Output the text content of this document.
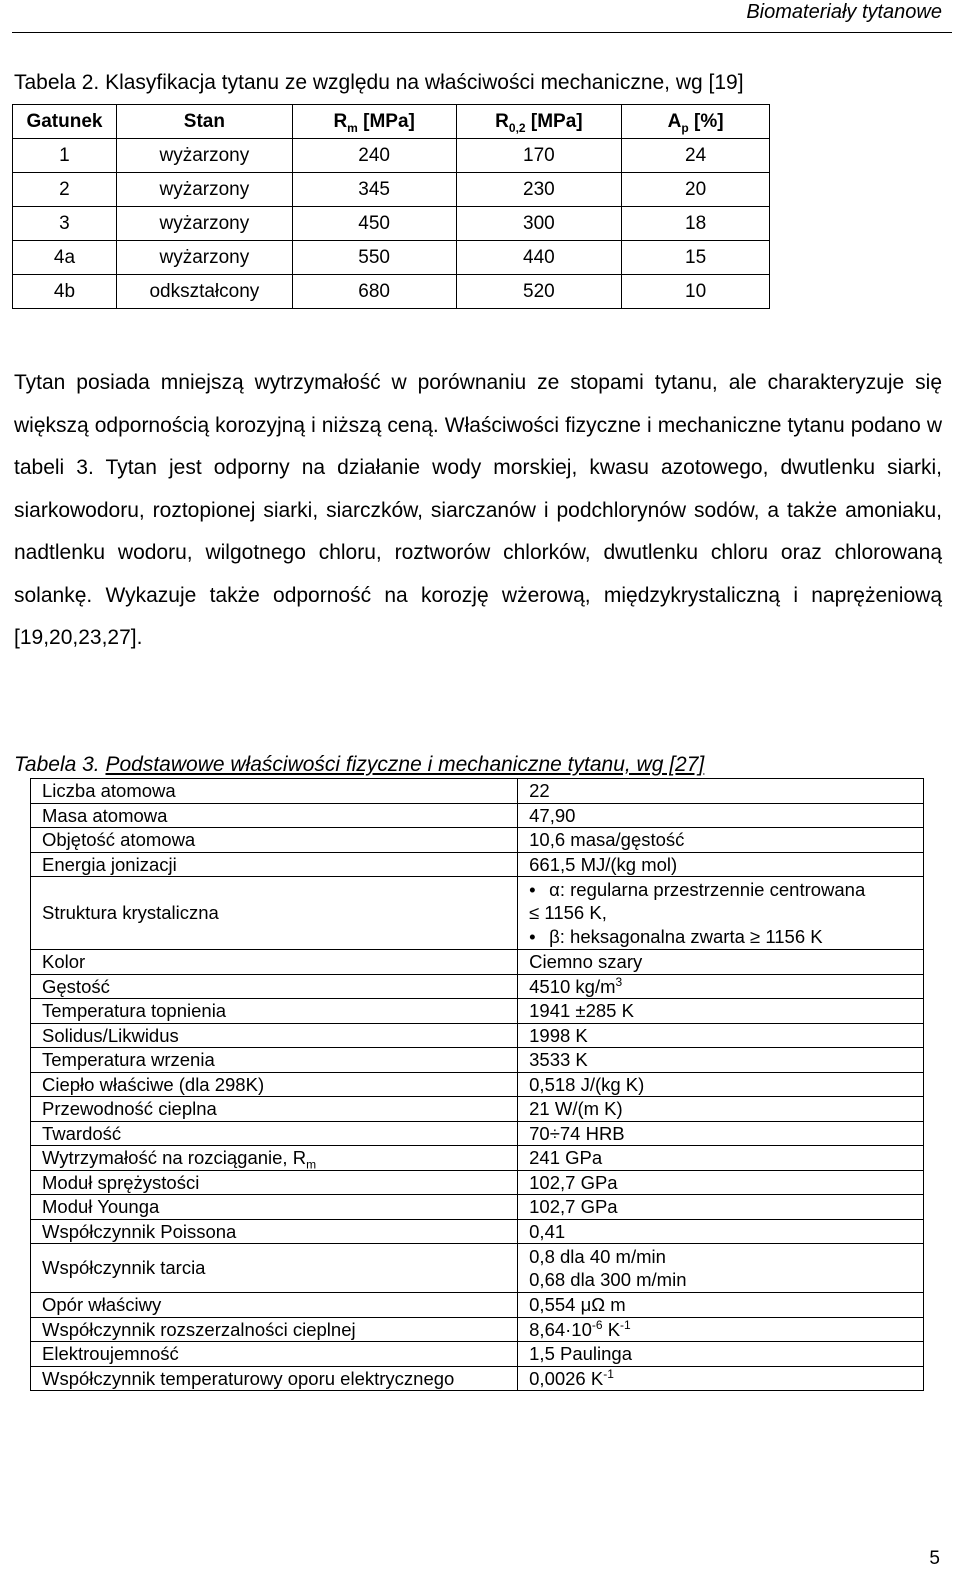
Biomateriały tytanowe
Tabela 2. Klasyfikacja tytanu ze względu na właściwości mechaniczne, wg [19]
Gatunek	Stan	$R_m$ [MPa]	$R_{0,2}$ [MPa]	$A_p$ [%]
1	wyżarzony	240	170	24
2	wyżarzony	345	230	20
3	wyżarzony	450	300	18
4a	wyżarzony	550	440	15
4b	odkształcony	680	520	10

Tytan posiada mniejszą wytrzymałość w porównaniu ze stopami tytanu, ale charakteryzuje się większą odpornością korozyjną i niższą ceną. Właściwości fizyczne i mechaniczne tytanu podano w tabeli 3. Tytan jest odporny na działanie wody morskiej, kwasu azotowego, dwutlenku siarki, siarkowodoru, roztopionej siarki, siarczków, siarczanów i podchlorynów sodów, a także amoniaku, nadtlenku wodoru, wilgotnego chloru, roztworów chlorków, dwutlenku chloru oraz chlorowaną solankę. Wykazuje także odporność na korozję wżerową, międzykrystaliczną i naprężeniową [19,20,23,27].

Tabela 3. Podstawowe właściwości fizyczne i mechaniczne tytanu, wg [27]
Liczba atomowa	22
Masa atomowa	47,90
Objętość atomowa	10,6 masa/gęstość
Energia jonizacji	661,5 MJ/(kg mol)
Struktura krystaliczna	• α: regularna przestrzennie centrowana
≤ 1156 K,
• β: heksagonalna zwarta ≥ 1156 K

Kolor	Ciemno szary
Gęstość	4510 $kg/m^3$
Temperatura topnienia	1941 ±285 K
Solidus/Likwidus	1998 K
Temperatura wrzenia	3533 K
Ciepło właściwe (dla 298K)	0,518 J/(kg K)
Przewodność cieplna	21 W/(m K)
Twardość	70÷74 HRB
Wytrzymałość na rozciąganie, $R_m$	241 GPa
Moduł sprężystości	102,7 GPa
Moduł Younga	102,7 GPa
Współczynnik Poissona	0,41
Współczynnik tarcia	0,8 dla 40 m/min
0,68 dla 300 m/min

Opór właściwy	0,554 μΩ m
Współczynnik rozszerzalności cieplnej	$8,64\cdot 10^{-6}$ $K^{-1}$
Elektroujemność	1,5 Paulinga
Współczynnik temperaturowy oporu elektrycznego	0,0026 $K^{-1}$
5
